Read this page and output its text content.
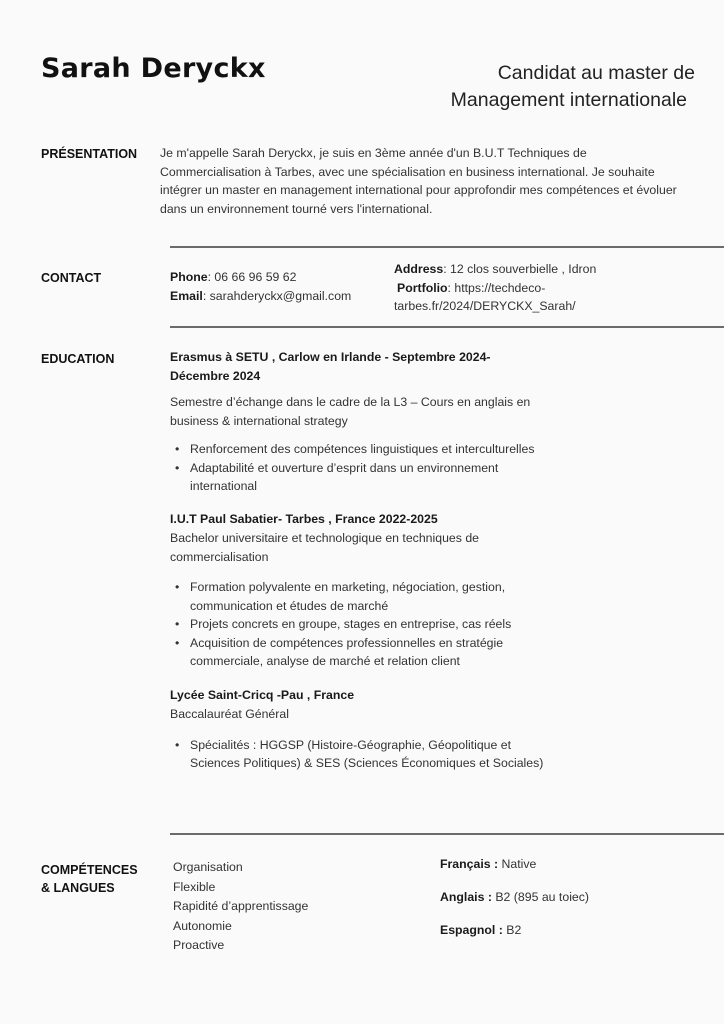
Sarah Deryckx	Candidat au master de
Management internationale
PRÉSENTATION Je m'appelle Sarah Deryckx, je suis en 3ème année d'un B.U.T Techniques de Commercialisation à Tarbes, avec une spécialisation en business international. Je souhaite intégrer un master en management international pour approfondir mes compétences et évoluer dans un environnement tourné vers l'international.
CONTACT	Phone: 06 66 96 59 62
Email: sarahderyckx@gmail.com
Address: 12 clos souverbielle , Idron
Portfolio: https://techdeco-tarbes.fr/2024/DERYCKX_Sarah/
EDUCATION	Erasmus à SETU , Carlow en Irlande - Septembre 2024-Décembre 2024
Semestre d’échange dans le cadre de la L3 – Cours en anglais en business & international strategy
• Renforcement des compétences linguistiques et interculturelles
• Adaptabilité et ouverture d’esprit dans un environnement international
I.U.T Paul Sabatier- Tarbes , France 2022-2025
Bachelor universitaire et technologique en techniques de commercialisation
• Formation polyvalente en marketing, négociation, gestion, communication et études de marché
• Projets concrets en groupe, stages en entreprise, cas réels
• Acquisition de compétences professionnelles en stratégie commerciale, analyse de marché et relation client
Lycée Saint-Cricq -Pau , France
Baccalauréat Général
• Spécialités : HGGSP (Histoire-Géographie, Géopolitique et Sciences Politiques) & SES (Sciences Économiques et Sociales)
COMPÉTENCES
& LANGUES
Organisation
Flexible
Rapidité d’apprentissage
Autonomie
Proactive
Français : Native
Anglais : B2 (895 au toiec)
Espagnol : B2
